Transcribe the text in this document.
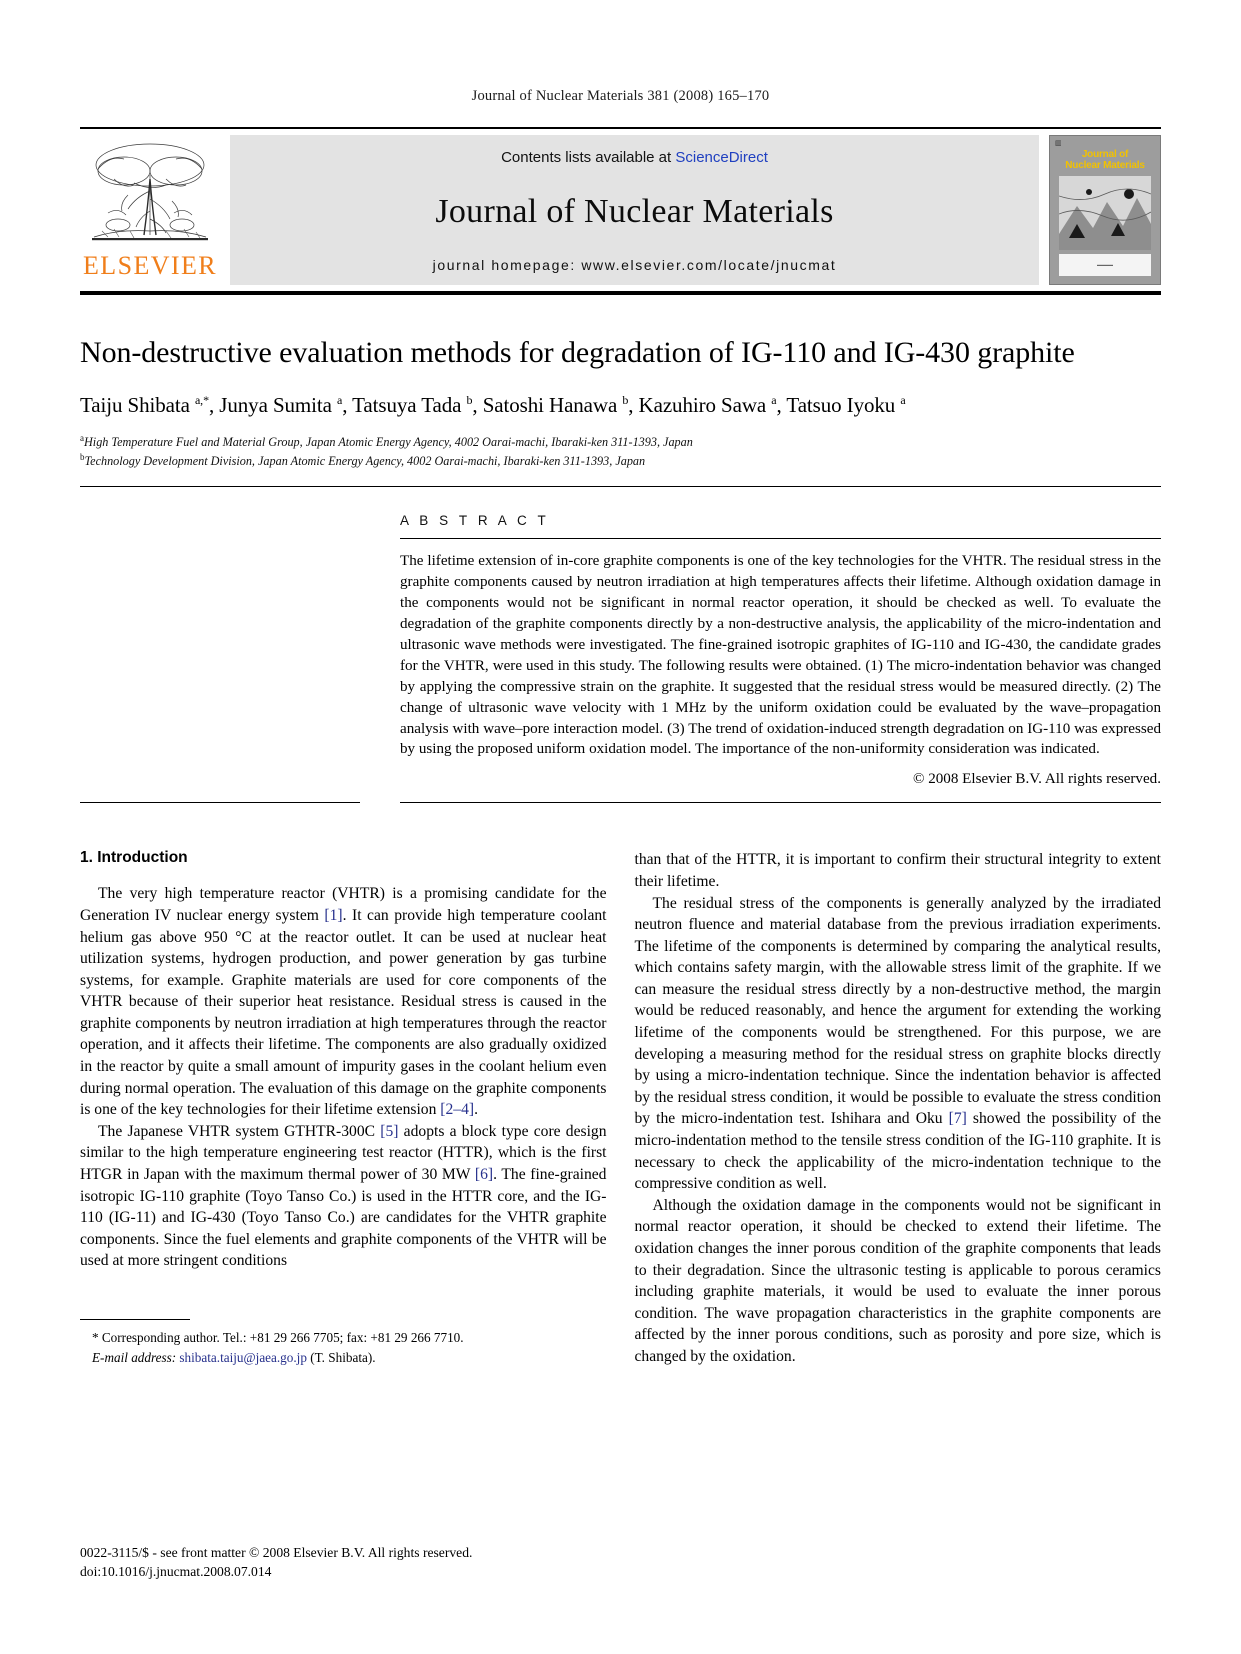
Journal of Nuclear Materials 381 (2008) 165–170
ELSEVIER
Contents lists available at ScienceDirect
Journal of Nuclear Materials
journal homepage: www.elsevier.com/locate/jnucmat
▥
Journal of
Nuclear Materials
▬▬▬▬
Non-destructive evaluation methods for degradation of IG-110 and IG-430 graphite
Taiju Shibata $^{a,*}$, Junya Sumita $^a$, Tatsuya Tada $^b$, Satoshi Hanawa $^b$, Kazuhiro Sawa $^a$, Tatsuo Iyoku $^a$
$^a$High Temperature Fuel and Material Group, Japan Atomic Energy Agency, 4002 Oarai-machi, Ibaraki-ken 311-1393, Japan
$^b$Technology Development Division, Japan Atomic Energy Agency, 4002 Oarai-machi, Ibaraki-ken 311-1393, Japan
A B S T R A C T
The lifetime extension of in-core graphite components is one of the key technologies for the VHTR. The residual stress in the graphite components caused by neutron irradiation at high temperatures affects their lifetime. Although oxidation damage in the components would not be significant in normal reactor operation, it should be checked as well. To evaluate the degradation of the graphite components directly by a non-destructive analysis, the applicability of the micro-indentation and ultrasonic wave methods were investigated. The fine-grained isotropic graphites of IG-110 and IG-430, the candidate grades for the VHTR, were used in this study. The following results were obtained. (1) The micro-indentation behavior was changed by applying the compressive strain on the graphite. It suggested that the residual stress would be measured directly. (2) The change of ultrasonic wave velocity with 1 MHz by the uniform oxidation could be evaluated by the wave–propagation analysis with wave–pore interaction model. (3) The trend of oxidation-induced strength degradation on IG-110 was expressed by using the proposed uniform oxidation model. The importance of the non-uniformity consideration was indicated.
© 2008 Elsevier B.V. All rights reserved.
1. Introduction

The very high temperature reactor (VHTR) is a promising candidate for the Generation IV nuclear energy system [1]. It can provide high temperature coolant helium gas above 950 °C at the reactor outlet. It can be used at nuclear heat utilization systems, hydrogen production, and power generation by gas turbine systems, for example. Graphite materials are used for core components of the VHTR because of their superior heat resistance. Residual stress is caused in the graphite components by neutron irradiation at high temperatures through the reactor operation, and it affects their lifetime. The components are also gradually oxidized in the reactor by quite a small amount of impurity gases in the coolant helium even during normal operation. The evaluation of this damage on the graphite components is one of the key technologies for their lifetime extension [2–4].

The Japanese VHTR system GTHTR-300C [5] adopts a block type core design similar to the high temperature engineering test reactor (HTTR), which is the first HTGR in Japan with the maximum thermal power of 30 MW [6]. The fine-grained isotropic IG-110 graphite (Toyo Tanso Co.) is used in the HTTR core, and the IG-110 (IG-11) and IG-430 (Toyo Tanso Co.) are candidates for the VHTR graphite components. Since the fuel elements and graphite components of the VHTR will be used at more stringent conditions

* Corresponding author. Tel.: +81 29 266 7705; fax: +81 29 266 7710.
E-mail address: shibata.taiju@jaea.go.jp (T. Shibata).

than that of the HTTR, it is important to confirm their structural integrity to extent their lifetime.

The residual stress of the components is generally analyzed by the irradiated neutron fluence and material database from the previous irradiation experiments. The lifetime of the components is determined by comparing the analytical results, which contains safety margin, with the allowable stress limit of the graphite. If we can measure the residual stress directly by a non-destructive method, the margin would be reduced reasonably, and hence the argument for extending the working lifetime of the components would be strengthened. For this purpose, we are developing a measuring method for the residual stress on graphite blocks directly by using a micro-indentation technique. Since the indentation behavior is affected by the residual stress condition, it would be possible to evaluate the stress condition by the micro-indentation test. Ishihara and Oku [7] showed the possibility of the micro-indentation method to the tensile stress condition of the IG-110 graphite. It is necessary to check the applicability of the micro-indentation technique to the compressive condition as well.

Although the oxidation damage in the components would not be significant in normal reactor operation, it should be checked to extend their lifetime. The oxidation changes the inner porous condition of the graphite components that leads to their degradation. Since the ultrasonic testing is applicable to porous ceramics including graphite materials, it would be used to evaluate the inner porous condition. The wave propagation characteristics in the graphite components are affected by the inner porous conditions, such as porosity and pore size, which is changed by the oxidation.

0022-3115/$ - see front matter © 2008 Elsevier B.V. All rights reserved.
doi:10.1016/j.jnucmat.2008.07.014
